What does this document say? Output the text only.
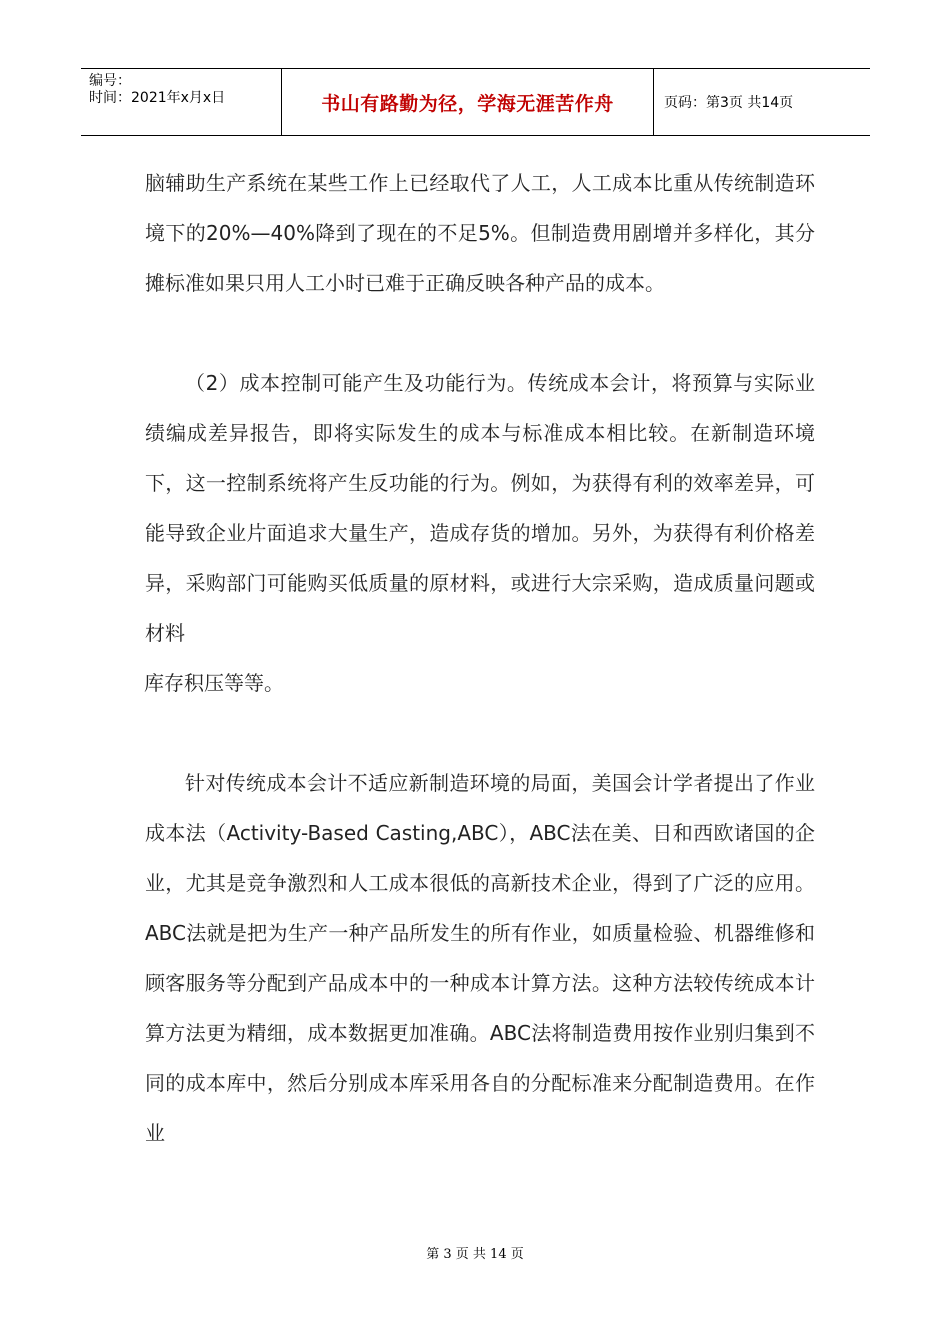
编号：
时间：2021年x月x日	书山有路勤为径，学海无涯苦作舟	页码：第3页 共14页

脑辅助生产系统在某些工作上已经取代了人工，人工成本比重从传统制造环境下的20%—40%降到了现在的不足5%。但制造费用剧增并多样化，其分摊标准如果只用人工小时已难于正确反映各种产品的成本。

（2）成本控制可能产生及功能行为。传统成本会计，将预算与实际业绩编成差异报告，即将实际发生的成本与标准成本相比较。在新制造环境下，这一控制系统将产生反功能的行为。例如，为获得有利的效率差异，可能导致企业片面追求大量生产，造成存货的增加。另外，为获得有利价格差异，采购部门可能购买低质量的原材料，或进行大宗采购，造成质量问题或材料

库存积压等等。

针对传统成本会计不适应新制造环境的局面，美国会计学者提出了作业成本法（Activity-Based Casting,ABC），ABC法在美、日和西欧诸国的企业，尤其是竞争激烈和人工成本很低的高新技术企业，得到了广泛的应用。ABC法就是把为生产一种产品所发生的所有作业，如质量检验、机器维修和顾客服务等分配到产品成本中的一种成本计算方法。这种方法较传统成本计算方法更为精细，成本数据更加准确。ABC法将制造费用按作业别归集到不同的成本库中，然后分别成本库采用各自的分配标准来分配制造费用。在作业

第 3 页 共 14 页
